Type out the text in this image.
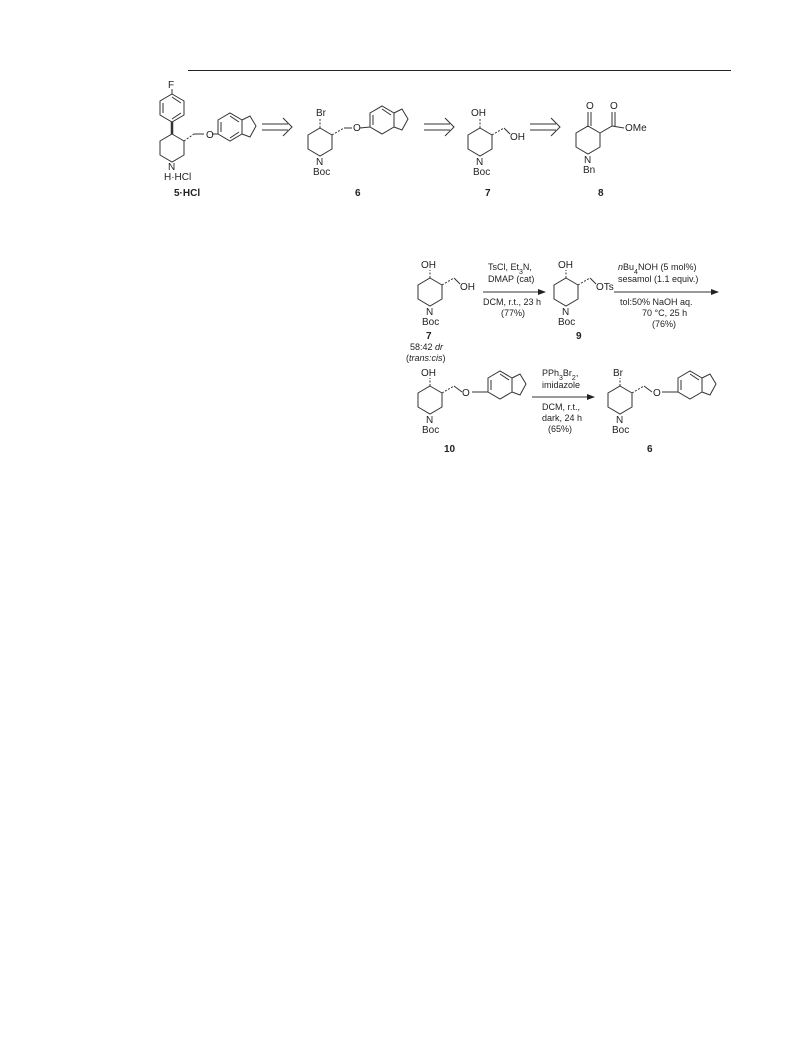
F
N
H·HCl
O
5·HCl
Br
N
Boc
O
6
OH
OH
N
Boc
7
O O
OMe
N
Bn
8
OH
OH
N
Boc
7
58:42 dr
(trans:cis)
TsCl, $Et_3N$,
DMAP (cat)
DCM, r.t., 23 h
(77%)
OH
OTs
N
Boc
9
nBu$_4$NOH (5 mol%)
sesamol (1.1 equiv.)
tol:50% NaOH aq.
70 °C, 25 h
(76%)
OH
O
N
Boc
10
$PPh_3Br_2$,
imidazole
DCM, r.t.,
dark, 24 h
(65%)
Br
O
N
Boc
6
